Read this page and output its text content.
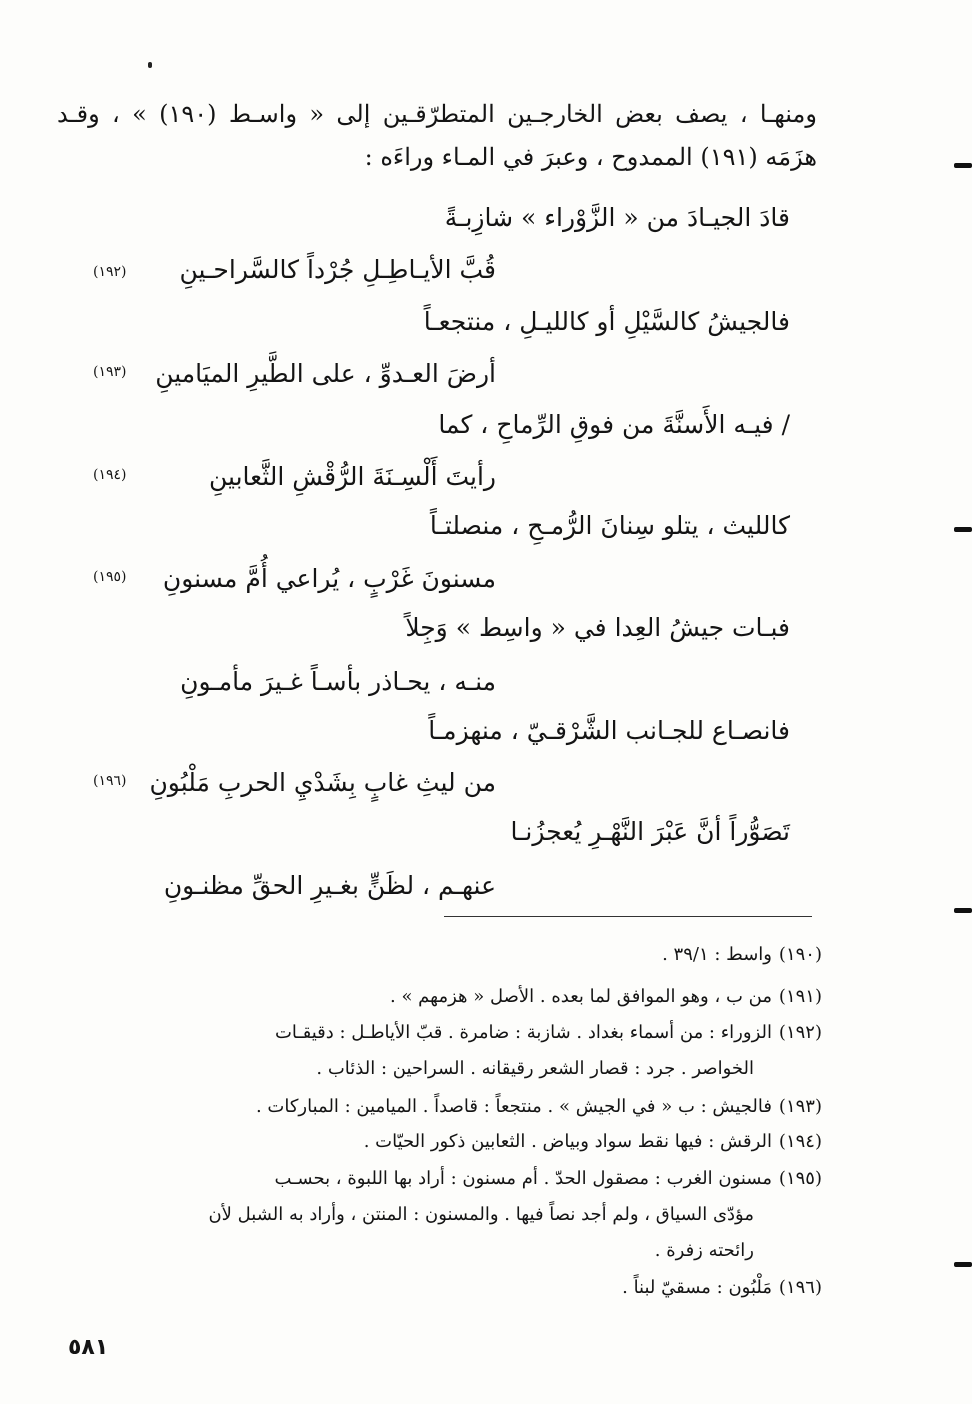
ومنهـا ، يصف بعض الخارجـين المتطرّقـين إلى « واسـط (١٩٠) » ، وقـد
هزَمَه (١٩١) الممدوح ، وعبرَ في المـاء وراءَه :
قادَ الجيـادَ من « الزَّوْراء » شازِبـةً
قُبَّ الأيـاطِـلِ جُرْداً كالسَّراحـينِ
(١٩٢)
فالجيشُ كالسَّيْلِ أو كالليـلِ ، منتجعـاً
أرضَ العـدوِّ ، على الطَّيرِ الميَامينِ
(١٩٣)
/ فيـه الأَسنَّةَ من فوقِ الرِّماحِ ، كما
رأيتَ أَلْسِـنَةَ الرُّقْشِ الثَّعابينِ
(١٩٤)
كالليث ، يتلو سِنانَ الرُّمـحِ ، منصلتـاً
مسنونَ غَرْبٍ ، يُراعي أُمَّ مسنونِ
(١٩٥)
فبـات جيشُ العِدا في « واسِط » وَجِلاً
منـه ، يحـاذر بأسـاً غـيرَ مأمـونِ
فانصـاع للجـانب الشَّرْقـيّ ، منهزمـاً
من ليثِ غابٍ بِشَدْيِ الحربِ مَلْبُونِ
(١٩٦)
تَصَوُّراً أنَّ عَبْرَ النَّهْـرِ يُعجزُنـا
عنهـم ، لظَنٍّ بغـيرِ الحقِّ مظنـونِ
(١٩٠)واسط : ٣٩/١ .
(١٩١)من ب ، وهو الموافق لما بعده . الأصل « هزمهم » .
(١٩٢)الزوراء : من أسماء بغداد . شازبة : ضامرة . قبّ الأياطـل : دقيقـات
الخواصر . جرد : قصار الشعر رقيقانه . السراحين : الذئاب .
(١٩٣)فالجيش : ب « في الجيش » . منتجعاً : قاصداً . الميامين : المباركات .
(١٩٤)الرقش : فيها نقط سواد وبياض . الثعابين ذكور الحيّات .
(١٩٥)مسنون الغرب : مصقول الحدّ . أم مسنون : أراد بها اللبوة ، بحسـب
مؤدّى السياق ، ولم أجد نصاً فيها . والمسنون : المنتن ، وأراد به الشبل لأن
رائحته زفرة .
(١٩٦)مَلْبُون : مسقيّ لبناً .
٥٨١
